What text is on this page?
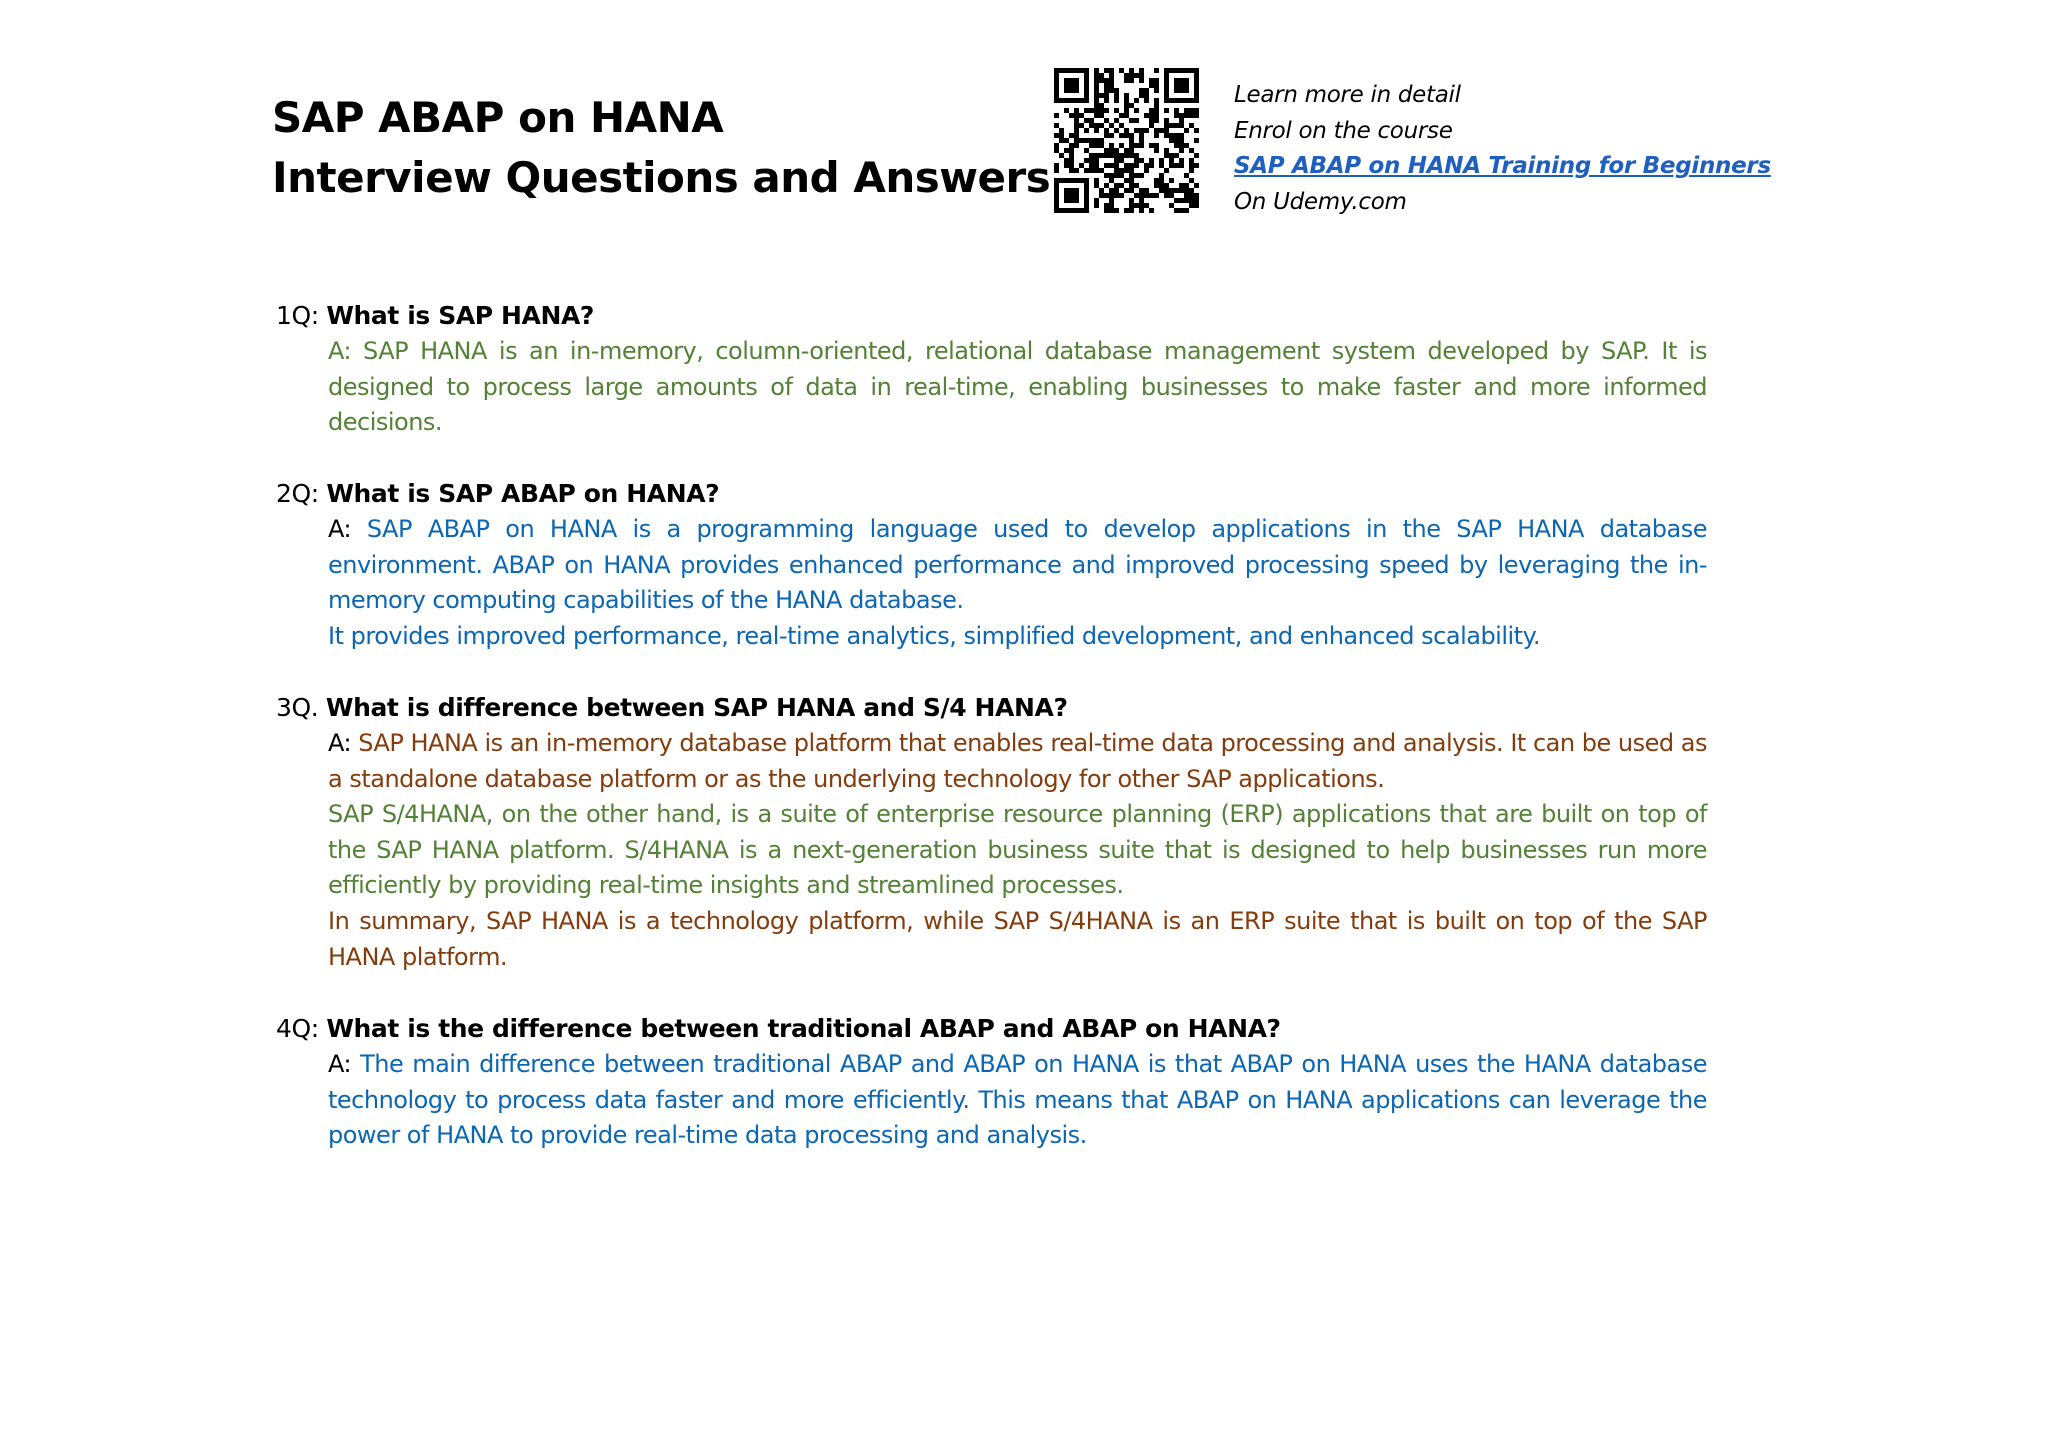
SAP ABAP on HANA
Interview Questions and Answers
Learn more in detail
Enrol on the course
SAP ABAP on HANA Training for Beginners
On Udemy.com
1Q: What is SAP HANA?

A: SAP HANA is an in-memory, column-oriented, relational database management system developed by SAP. It is designed to process large amounts of data in real-time, enabling businesses to make faster and more informed decisions.

2Q: What is SAP ABAP on HANA?

A: SAP ABAP on HANA is a programming language used to develop applications in the SAP HANA database environment. ABAP on HANA provides enhanced performance and improved processing speed by leveraging the in-memory computing capabilities of the HANA database.

It provides improved performance, real-time analytics, simplified development, and enhanced scalability.

3Q. What is difference between SAP HANA and S/4 HANA?

A: SAP HANA is an in-memory database platform that enables real-time data processing and analysis. It can be used as a standalone database platform or as the underlying technology for other SAP applications.

SAP S/4HANA, on the other hand, is a suite of enterprise resource planning (ERP) applications that are built on top of the SAP HANA platform. S/4HANA is a next-generation business suite that is designed to help businesses run more efficiently by providing real-time insights and streamlined processes.

In summary, SAP HANA is a technology platform, while SAP S/4HANA is an ERP suite that is built on top of the SAP HANA platform.

4Q: What is the difference between traditional ABAP and ABAP on HANA?

A: The main difference between traditional ABAP and ABAP on HANA is that ABAP on HANA uses the HANA database technology to process data faster and more efficiently. This means that ABAP on HANA applications can leverage the power of HANA to provide real-time data processing and analysis.
